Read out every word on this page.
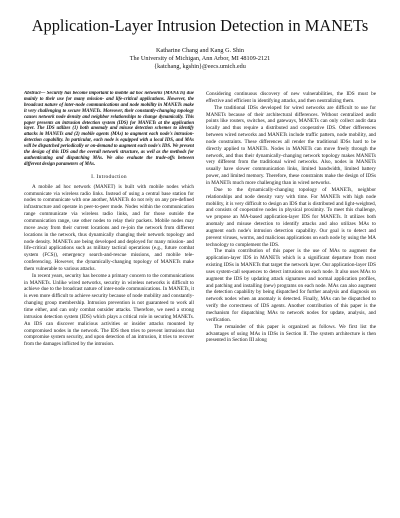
Application-Layer Intrusion Detection in MANETs
Katharine Chang and Kang G. Shin
The University of Michigan, Ann Arbor, MI 48109-2121
{katchang, kgshin}@eecs.umich.edu

Abstract— Security has become important to mobile ad hoc networks (MANETs) due mainly to their use for many mission- and life-critical applications. However, the broadcast nature of inter-node communications and node mobility in MANETs make it very challenging to secure MANETs. Moreover, their constantly-changing topology causes network node density and neighbor relationships to change dynamically. This paper presents an intrusion detection system (IDS) for MANETs at the application layer. The IDS utilizes (1) both anomaly and misuse detection schemes to identify attacks in MANETs and (2) mobile agents (MAs) to augment each node's intrusion-detection capability. In particular, each node is equipped with a local IDS, and MAs will be dispatched periodically or on-demand to augment each node's IDS. We present the design of this IDS and the overall network structure, as well as the methods for authenticating and dispatching MAs. We also evaluate the trade-offs between different design parameters of MAs.

I. Introduction

A mobile ad hoc network (MANET) is built with mobile nodes which communicate via wireless radio links. Instead of using a central base station for nodes to communicate with one another, MANETs do not rely on any pre-defined infrastructure and operate in peer-to-peer mode. Nodes within the communication range communicate via wireless radio links, and for those outside the communication range, use other nodes to relay their packets. Mobile nodes may move away from their current locations and re-join the network from different locations in the network, thus dynamically changing their network topology and node density. MANETs are being developed and deployed for many mission- and life-critical applications such as military tactical operations (e.g., future combat system (FCS)), emergency search-and-rescue missions, and mobile tele-conferencing. However, the dynamically-changing topology of MANETs make them vulnerable to various attacks.

In recent years, security has become a primary concern to the communications in MANETs. Unlike wired networks, security in wireless networks is difficult to achieve due to the broadcast nature of inter-node communications. In MANETs, it is even more difficult to achieve security because of node mobility and constantly-changing group membership. Intrusion prevention is not guaranteed to work all time either, and can only combat outsider attacks. Therefore, we need a strong intrusion detection system (IDS) which plays a critical role in securing MANETs. An IDS can discover malicious activities or insider attacks mounted by compromised nodes in the network. The IDS then tries to prevent intrusions that compromise system security, and upon detection of an intrusion, it tries to recover from the damages inflicted by the intrusion.

Considering continuous discovery of new vulnerabilities, the IDS must be effective and efficient in identifying attacks, and then neutralizing them.

The traditional IDSs developed for wired networks are difficult to use for MANETs because of their architectural differences. Without centralized audit points like routers, switches, and gateways, MANETs can only collect audit data locally and thus require a distributed and cooperative IDS. Other differences between wired networks and MANETs include traffic pattern, node mobility, and node constraints. These differences all render the traditional IDSs hard to be directly applied to MANETs. Nodes in MANETs can move freely through the network, and thus their dynamically-changing network topology makes MANETs very different from the traditional wired networks. Also, nodes in MANETs usually have slower communication links, limited bandwidth, limited battery power, and limited memory. Therefore, these constraints make the design of IDSs in MANETs much more challenging than in wired networks.

Due to the dynamically-changing topology of MANETs, neighbor relationships and node density vary with time. For MANETs with high node mobility, it is very difficult to design an IDS that is distributed and light-weighted, and consists of cooperative nodes in physical proximity. To meet this challenge, we propose an MA-based application-layer IDS for MANETs. It utilizes both anomaly and misuse detection to identify attacks and also utilizes MAs to augment each node's intrusion detection capability. Our goal is to detect and prevent viruses, worms, and malicious applications on each node by using the MA technology to complement the IDS.

The main contribution of this paper is the use of MAs to augment the application-layer IDS in MANETs which is a significant departure from most existing IDSs in MANETs that target the network layer. Our application-layer IDS uses system-call sequences to detect intrusions on each node. It also uses MAs to augment the IDS by updating attack signatures and normal application profiles, and patching and installing (new) programs on each node. MAs can also augment the detection capability by being dispatched for further analysis and diagnosis on network nodes when an anomaly is detected. Finally, MAs can be dispatched to verify the correctness of IDS agents. Another contribution of this paper is the mechanism for dispatching MAs to network nodes for update, analysis, and verification.

The remainder of this paper is organized as follows. We first list the advantages of using MAs in IDSs in Section II. The system architecture is then presented in Section III along
